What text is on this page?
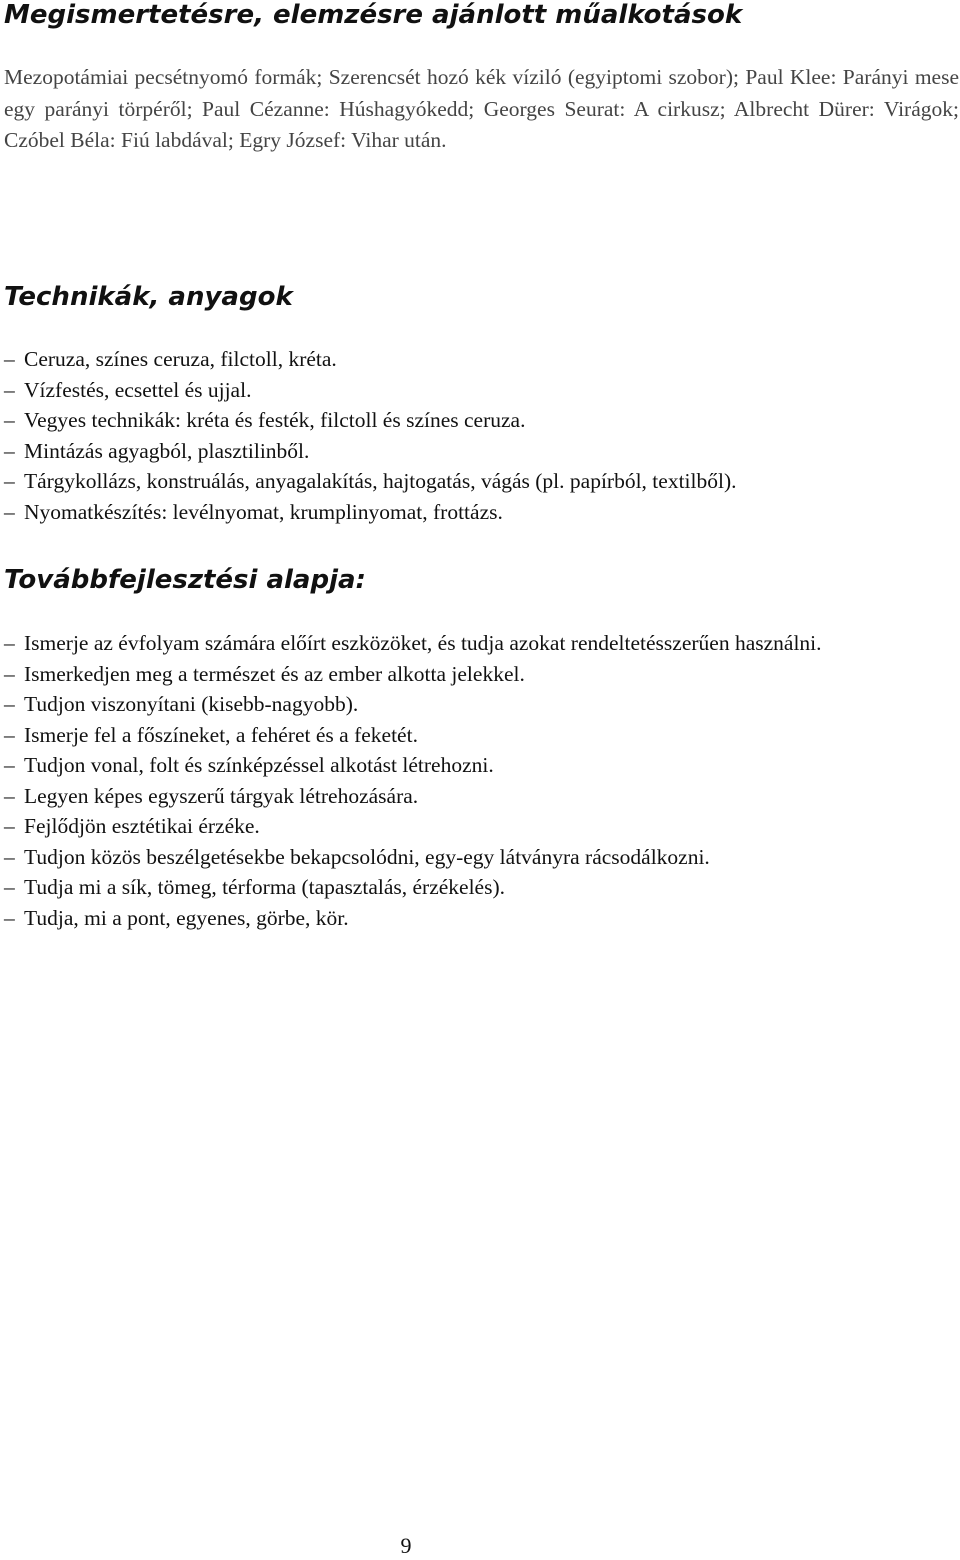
Megismertetésre, elemzésre ajánlott műalkotások

Mezopotámiai pecsétnyomó formák; Szerencsét hozó kék víziló (egyiptomi szobor); Paul Klee: Parányi mese egy parányi törpéről; Paul Cézanne: Húshagyókedd; Georges Seurat: A cirkusz; Albrecht Dürer: Virágok; Czóbel Béla: Fiú labdával; Egry József: Vihar után.

Technikák, anyagok
– Ceruza, színes ceruza, filctoll, kréta.
– Vízfestés, ecsettel és ujjal.
– Vegyes technikák: kréta és festék, filctoll és színes ceruza.
– Mintázás agyagból, plasztilinből.
– Tárgykollázs, konstruálás, anyagalakítás, hajtogatás, vágás (pl. papírból, textilből).
– Nyomatkészítés: levélnyomat, krumplinyomat, frottázs.
Továbbfejlesztési alapja:
– Ismerje az évfolyam számára előírt eszközöket, és tudja azokat rendeltetésszerűen használni.
– Ismerkedjen meg a természet és az ember alkotta jelekkel.
– Tudjon viszonyítani (kisebb-nagyobb).
– Ismerje fel a főszíneket, a fehéret és a feketét.
– Tudjon vonal, folt és színképzéssel alkotást létrehozni.
– Legyen képes egyszerű tárgyak létrehozására.
– Fejlődjön esztétikai érzéke.
– Tudjon közös beszélgetésekbe bekapcsolódni, egy-egy látványra rácsodálkozni.
– Tudja mi a sík, tömeg, térforma (tapasztalás, érzékelés).
– Tudja, mi a pont, egyenes, görbe, kör.

9
